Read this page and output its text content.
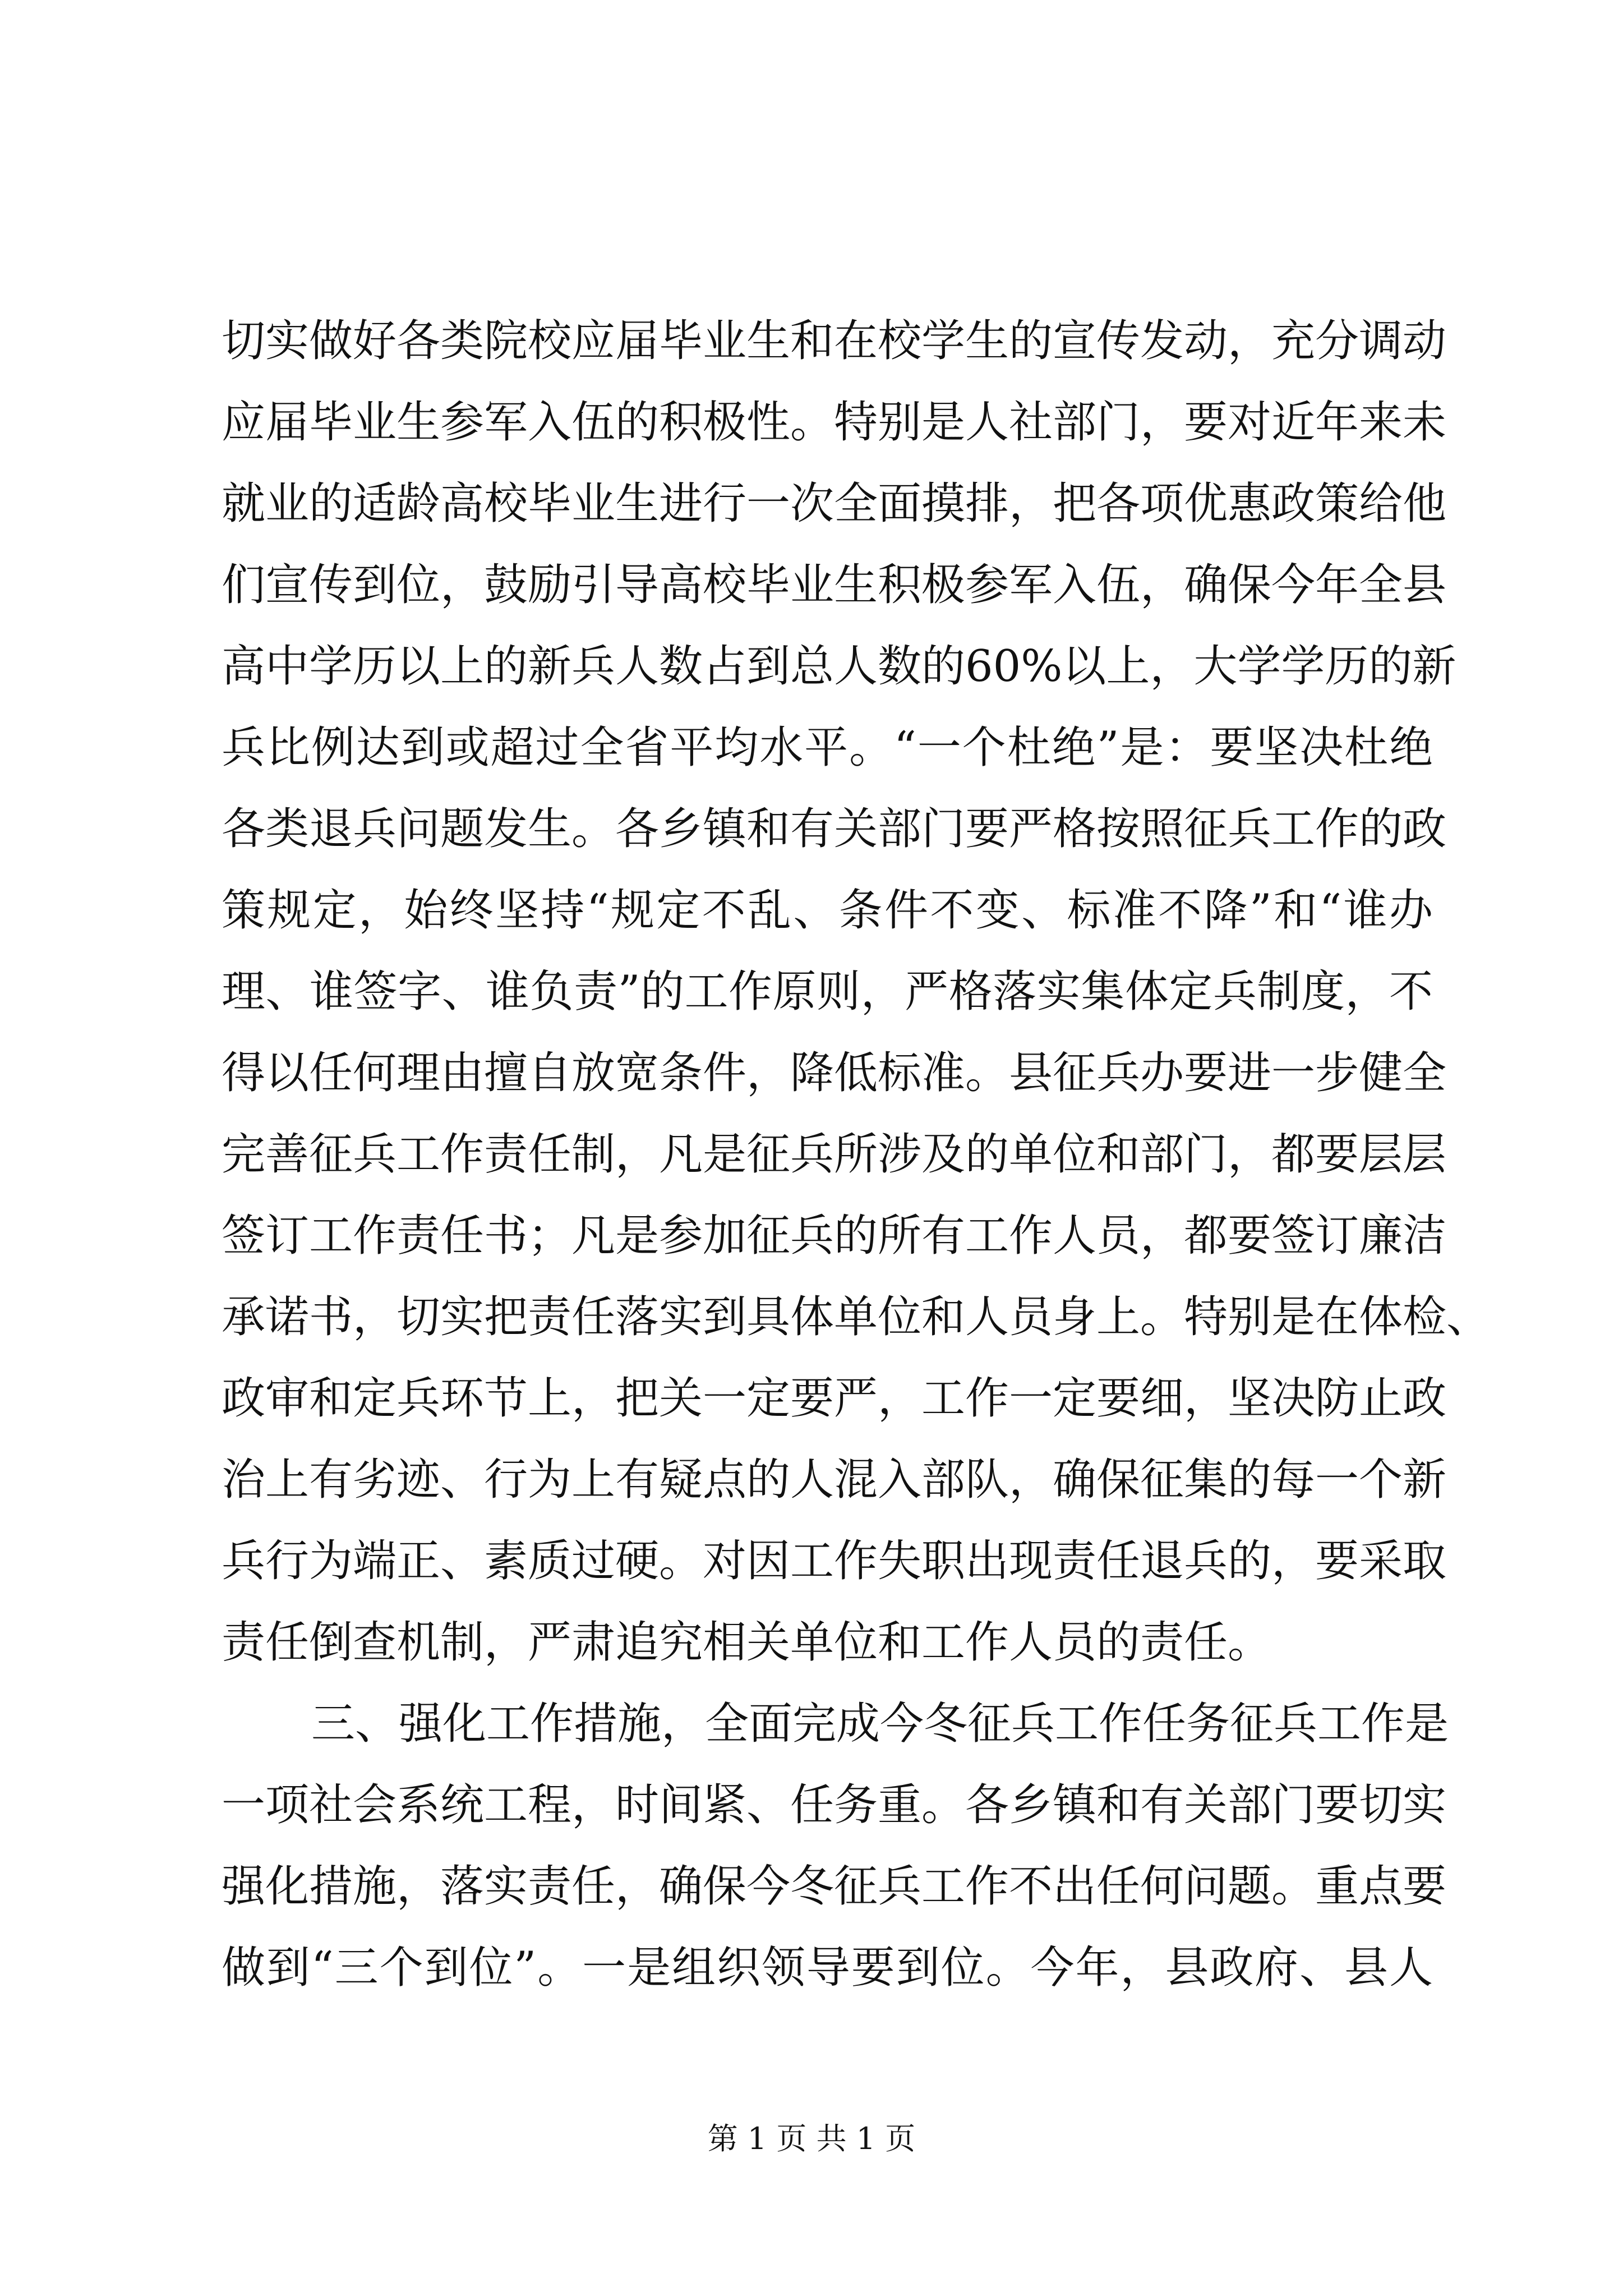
切实做好各类院校应届毕业生和在校学生的宣传发动，充分调动
应届毕业生参军入伍的积极性。特别是人社部门，要对近年来未
就业的适龄高校毕业生进行一次全面摸排，把各项优惠政策给他
们宣传到位，鼓励引导高校毕业生积极参军入伍，确保今年全县
高中学历以上的新兵人数占到总人数的60%以上，大学学历的新
兵比例达到或超过全省平均水平。“一个杜绝”是：要坚决杜绝
各类退兵问题发生。各乡镇和有关部门要严格按照征兵工作的政
策规定，始终坚持“规定不乱、条件不变、标准不降”和“谁办
理、谁签字、谁负责”的工作原则，严格落实集体定兵制度，不
得以任何理由擅自放宽条件，降低标准。县征兵办要进一步健全
完善征兵工作责任制，凡是征兵所涉及的单位和部门，都要层层
签订工作责任书；凡是参加征兵的所有工作人员，都要签订廉洁
承诺书，切实把责任落实到具体单位和人员身上。特别是在体检、
政审和定兵环节上，把关一定要严，工作一定要细，坚决防止政
治上有劣迹、行为上有疑点的人混入部队，确保征集的每一个新
兵行为端正、素质过硬。对因工作失职出现责任退兵的，要采取
责任倒查机制，严肃追究相关单位和工作人员的责任。
三、强化工作措施，全面完成今冬征兵工作任务征兵工作是
一项社会系统工程，时间紧、任务重。各乡镇和有关部门要切实
强化措施，落实责任，确保今冬征兵工作不出任何问题。重点要
做到“三个到位”。一是组织领导要到位。今年，县政府、县人
第 1 页 共 1 页
